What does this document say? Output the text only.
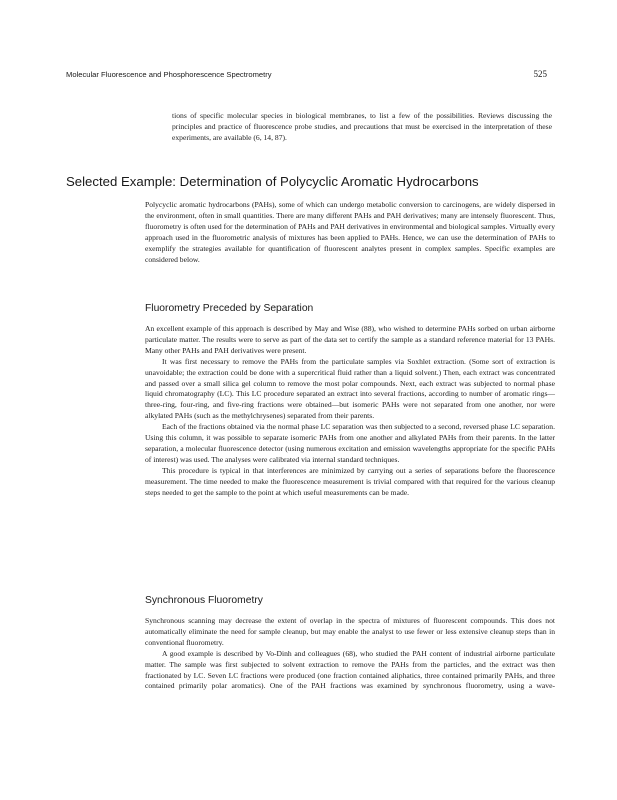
Molecular Fluorescence and Phosphorescence Spectrometry	525

tions of specific molecular species in biological membranes, to list a few of the possibilities. Reviews discussing the principles and practice of fluorescence probe studies, and precautions that must be exercised in the interpretation of these experiments, are available (6, 14, 87).

Selected Example: Determination of Polycyclic Aromatic Hydrocarbons

Polycyclic aromatic hydrocarbons (PAHs), some of which can undergo metabolic conversion to carcinogens, are widely dispersed in the environment, often in small quantities. There are many different PAHs and PAH derivatives; many are intensely fluorescent. Thus, fluorometry is often used for the determination of PAHs and PAH derivatives in environmental and biological samples. Virtually every approach used in the fluorometric analysis of mixtures has been applied to PAHs. Hence, we can use the determination of PAHs to exemplify the strategies available for quantification of fluorescent analytes present in complex samples. Specific examples are considered below.

Fluorometry Preceded by Separation

An excellent example of this approach is described by May and Wise (88), who wished to determine PAHs sorbed on urban airborne particulate matter. The results were to serve as part of the data set to certify the sample as a standard reference material for 13 PAHs. Many other PAHs and PAH derivatives were present.

It was first necessary to remove the PAHs from the particulate samples via Soxhlet extraction. (Some sort of extraction is unavoidable; the extraction could be done with a supercritical fluid rather than a liquid solvent.) Then, each extract was concentrated and passed over a small silica gel column to remove the most polar compounds. Next, each extract was subjected to normal phase liquid chromatography (LC). This LC procedure separated an extract into several fractions, according to number of aromatic rings—three-ring, four-ring, and five-ring fractions were obtained—but isomeric PAHs were not separated from one another, nor were alkylated PAHs (such as the methylchrysenes) separated from their parents.

Each of the fractions obtained via the normal phase LC separation was then subjected to a second, reversed phase LC separation. Using this column, it was possible to separate isomeric PAHs from one another and alkylated PAHs from their parents. In the latter separation, a molecular fluorescence detector (using numerous excitation and emission wavelengths appropriate for the specific PAHs of interest) was used. The analyses were calibrated via internal standard techniques.

This procedure is typical in that interferences are minimized by carrying out a series of separations before the fluorescence measurement. The time needed to make the fluorescence measurement is trivial compared with that required for the various cleanup steps needed to get the sample to the point at which useful measurements can be made.

Synchronous Fluorometry

Synchronous scanning may decrease the extent of overlap in the spectra of mixtures of fluorescent compounds. This does not automatically eliminate the need for sample cleanup, but may enable the analyst to use fewer or less extensive cleanup steps than in conventional fluorometry.

A good example is described by Vo-Dinh and colleagues (68), who studied the PAH content of industrial airborne particulate matter. The sample was first subjected to solvent extraction to remove the PAHs from the particles, and the extract was then fractionated by LC. Seven LC fractions were produced (one fraction contained aliphatics, three contained primarily PAHs, and three contained primarily polar aromatics). One of the PAH fractions was examined by synchronous fluorometry, using a wave-
